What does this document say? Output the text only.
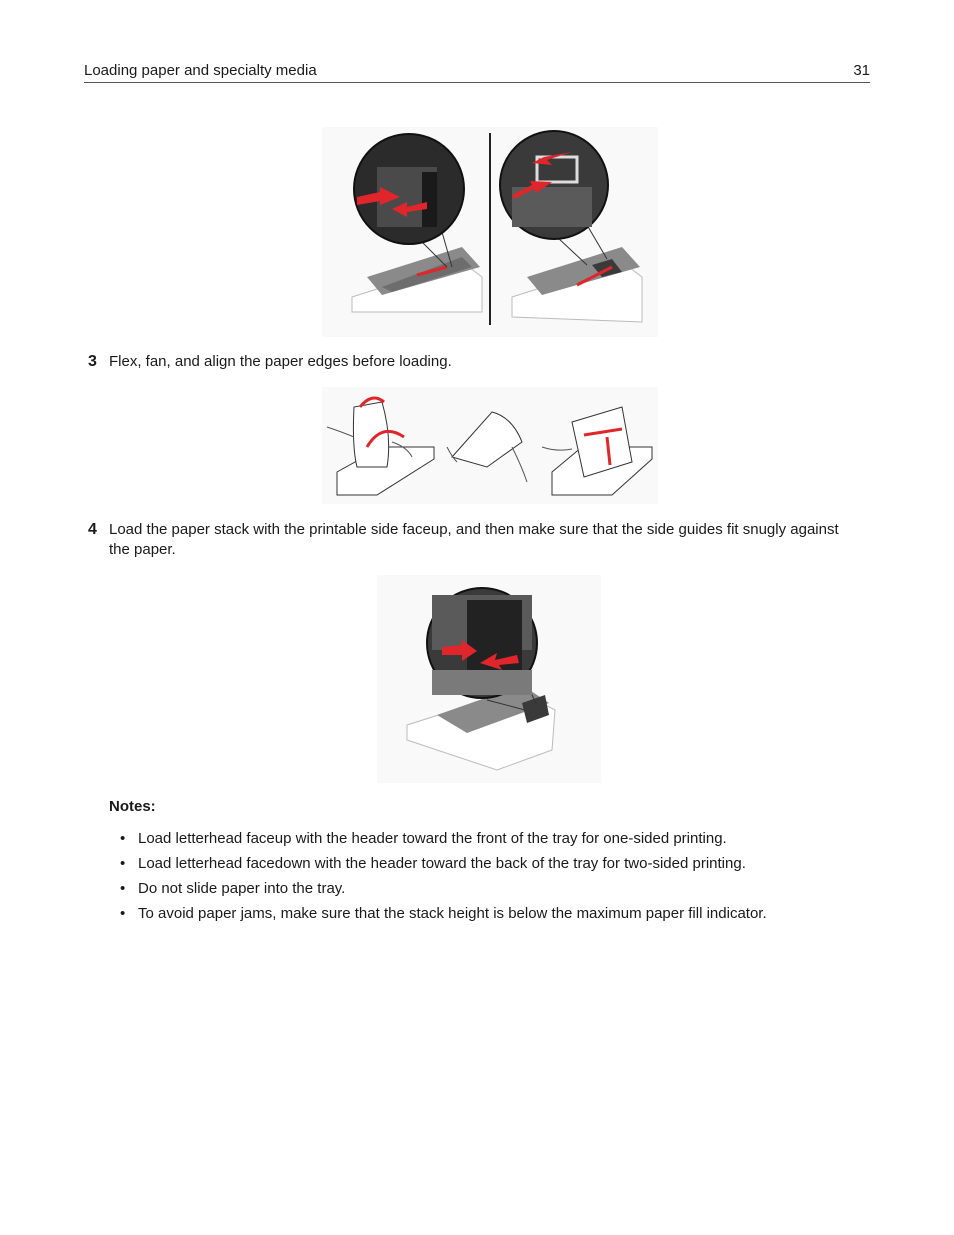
Loading paper and specialty media	31
3 Flex, fan, and align the paper edges before loading.
4 Load the paper stack with the printable side faceup, and then make sure that the side guides fit snugly against the paper.
Notes:
• Load letterhead faceup with the header toward the front of the tray for one-sided printing.
• Load letterhead facedown with the header toward the back of the tray for two-sided printing.
• Do not slide paper into the tray.
• To avoid paper jams, make sure that the stack height is below the maximum paper fill indicator.
